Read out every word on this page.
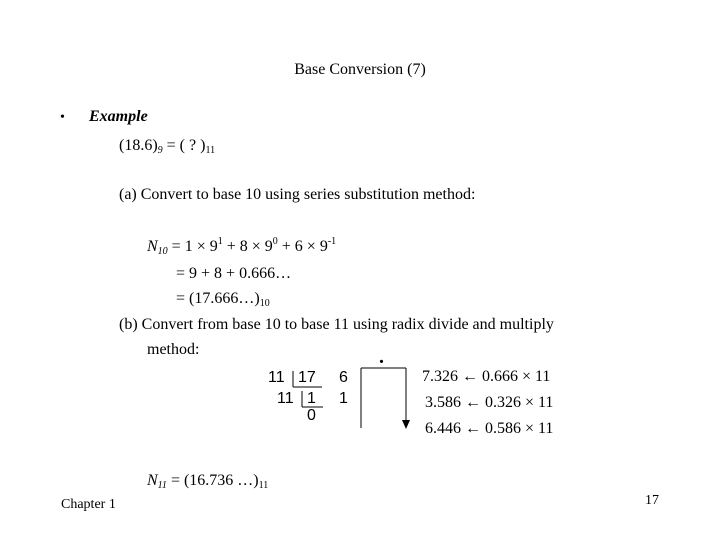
Base Conversion (7)
• Example
$(18.6)_9$ = ( ? )$_{11}$
(a) Convert to base 10 using series substitution method:
$N_{10} = 1 \times 9^1 + 8 \times 9^0 + 6 \times 9^{-1}$
= 9 + 8 + 0.666…
= $(17.666\dots)_{10}$
(b) Convert from base 10 to base 11 using radix divide and multiply
method:
11 17 6
11 1 1
0
.
7.326 ← 0.666 × 11
3.586 ← 0.326 × 11
6.446 ← 0.586 × 11
$N_{11} = (16.736$ $\dots)_{11}$
Chapter 1	17
